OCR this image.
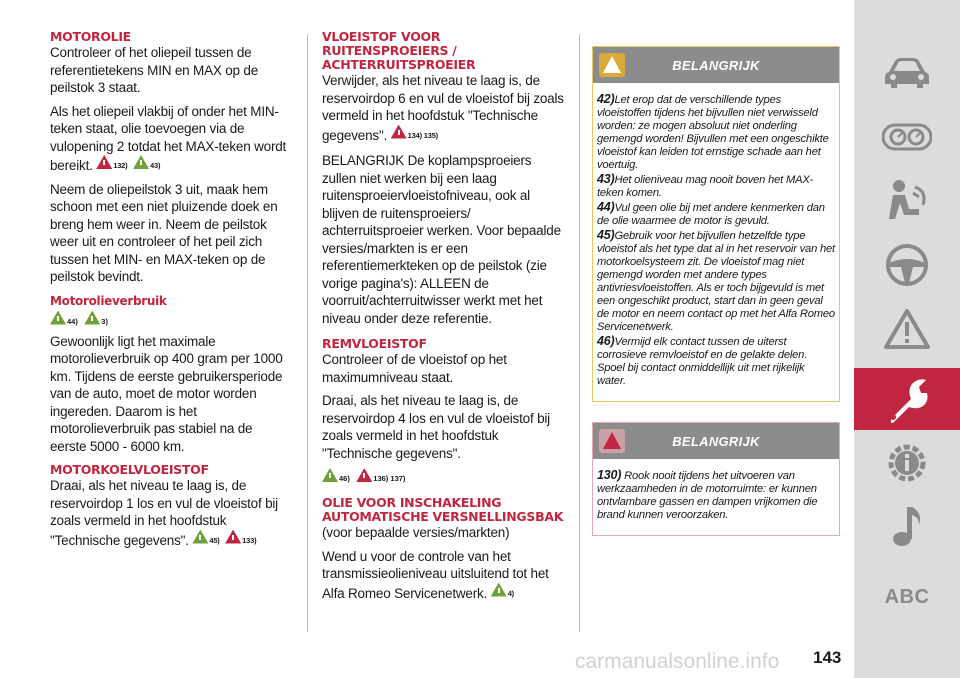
MOTOROLIE

Controleer of het oliepeil tussen de referentietekens MIN en MAX op de peilstok 3 staat.

Als het oliepeil vlakbij of onder het MIN-teken staat, olie toevoegen via de vulopening 2 totdat het MAX-teken wordt bereikt.	132)	43)

Neem de oliepeilstok 3 uit, maak hem schoon met een niet pluizende doek en breng hem weer in. Neem de peilstok weer uit en controleer of het peil zich tussen het MIN- en MAX-teken op de peilstok bevindt.

Motorolieverbruik
44)	3)

Gewoonlijk ligt het maximale motorolieverbruik op 400 gram per 1000 km. Tijdens de eerste gebruikersperiode van de auto, moet de motor worden ingereden. Daarom is het motorolieverbruik pas stabiel na de eerste 5000 - 6000 km.

MOTORKOELVLOEISTOF

Draai, als het niveau te laag is, de reservoirdop 1 los en vul de vloeistof bij zoals vermeld in het hoofdstuk "Technische gegevens".	45)	133)

VLOEISTOF VOOR RUITENSPROEIERS /
ACHTERRUITSPROEIER

Verwijder, als het niveau te laag is, de reservoirdop 6 en vul de vloeistof bij zoals vermeld in het hoofdstuk "Technische gegevens".	134) 135)

BELANGRIJK De koplampsproeiers zullen niet werken bij een laag ruitensproeiervloeistofniveau, ook al blijven de ruitensproeiers/ achterruitsproeier werken. Voor bepaalde versies/markten is er een referentiemerkteken op de peilstok (zie vorige pagina's): ALLEEN de voorruit/achterruitwisser werkt met het niveau onder deze referentie.

REMVLOEISTOF

Controleer of de vloeistof op het maximumniveau staat.

Draai, als het niveau te laag is, de reservoirdop 4 los en vul de vloeistof bij zoals vermeld in het hoofdstuk "Technische gegevens".

46)	136) 137)
OLIE VOOR INSCHAKELING
AUTOMATISCHE VERSNELLINGSBAK

(voor bepaalde versies/markten)

Wend u voor de controle van het transmissieolieniveau uitsluitend tot het Alfa Romeo Servicenetwerk.	4)

BELANGRIJK

42)Let erop dat de verschillende types vloeistoffen tijdens het bijvullen niet verwisseld worden: ze mogen absoluut niet onderling gemengd worden! Bijvullen met een ongeschikte vloeistof kan leiden tot ernstige schade aan het voertuig.

43)Het olieniveau mag nooit boven het MAX-teken komen.

44)Vul geen olie bij met andere kenmerken dan de olie waarmee de motor is gevuld.

45)Gebruik voor het bijvullen hetzelfde type vloeistof als het type dat al in het reservoir van het motorkoelsysteem zit. De vloeistof mag niet gemengd worden met andere types antivriesvloeistoffen. Als er toch bijgevuld is met een ongeschikt product, start dan in geen geval de motor en neem contact op met het Alfa Romeo Servicenetwerk.

46)Vermijd elk contact tussen de uiterst corrosieve remvloeistof en de gelakte delen. Spoel bij contact onmiddellijk uit met rijkelijk water.

BELANGRIJK

130) Rook nooit tijdens het uitvoeren van werkzaamheden in de motorruimte: er kunnen ontvlambare gassen en dampen vrijkomen die brand kunnen veroorzaken.

ABC
carmanualsonline.info 143
